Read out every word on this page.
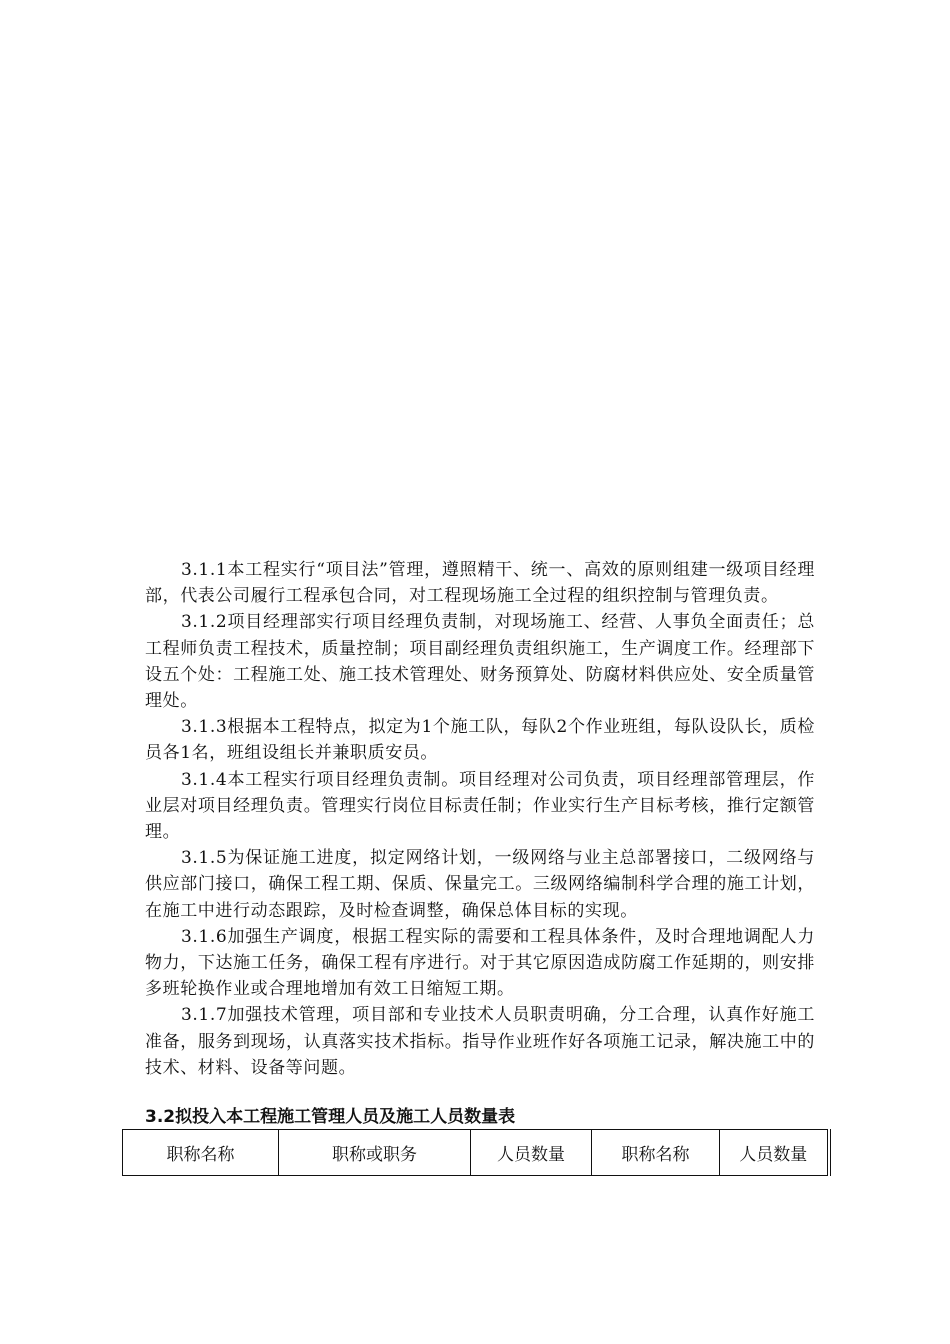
3.1.1本工程实行“项目法”管理，遵照精干、统一、高效的原则组建一级项目经理部，代表公司履行工程承包合同，对工程现场施工全过程的组织控制与管理负责。

3.1.2项目经理部实行项目经理负责制，对现场施工、经营、人事负全面责任；总工程师负责工程技术，质量控制；项目副经理负责组织施工，生产调度工作。经理部下设五个处：工程施工处、施工技术管理处、财务预算处、防腐材料供应处、安全质量管理处。

3.1.3根据本工程特点，拟定为1个施工队，每队2个作业班组，每队设队长，质检员各1名，班组设组长并兼职质安员。

3.1.4本工程实行项目经理负责制。项目经理对公司负责，项目经理部管理层，作业层对项目经理负责。管理实行岗位目标责任制；作业实行生产目标考核，推行定额管理。

3.1.5为保证施工进度，拟定网络计划，一级网络与业主总部署接口，二级网络与供应部门接口，确保工程工期、保质、保量完工。三级网络编制科学合理的施工计划，在施工中进行动态跟踪，及时检查调整，确保总体目标的实现。

3.1.6加强生产调度，根据工程实际的需要和工程具体条件，及时合理地调配人力物力，下达施工任务，确保工程有序进行。对于其它原因造成防腐工作延期的，则安排多班轮换作业或合理地增加有效工日缩短工期。

3.1.7加强技术管理，项目部和专业技术人员职责明确，分工合理，认真作好施工准备，服务到现场，认真落实技术指标。指导作业班作好各项施工记录，解决施工中的技术、材料、设备等问题。

3.2拟投入本工程施工管理人员及施工人员数量表
职称名称	职称或职务	人员数量	职称名称	人员数量
